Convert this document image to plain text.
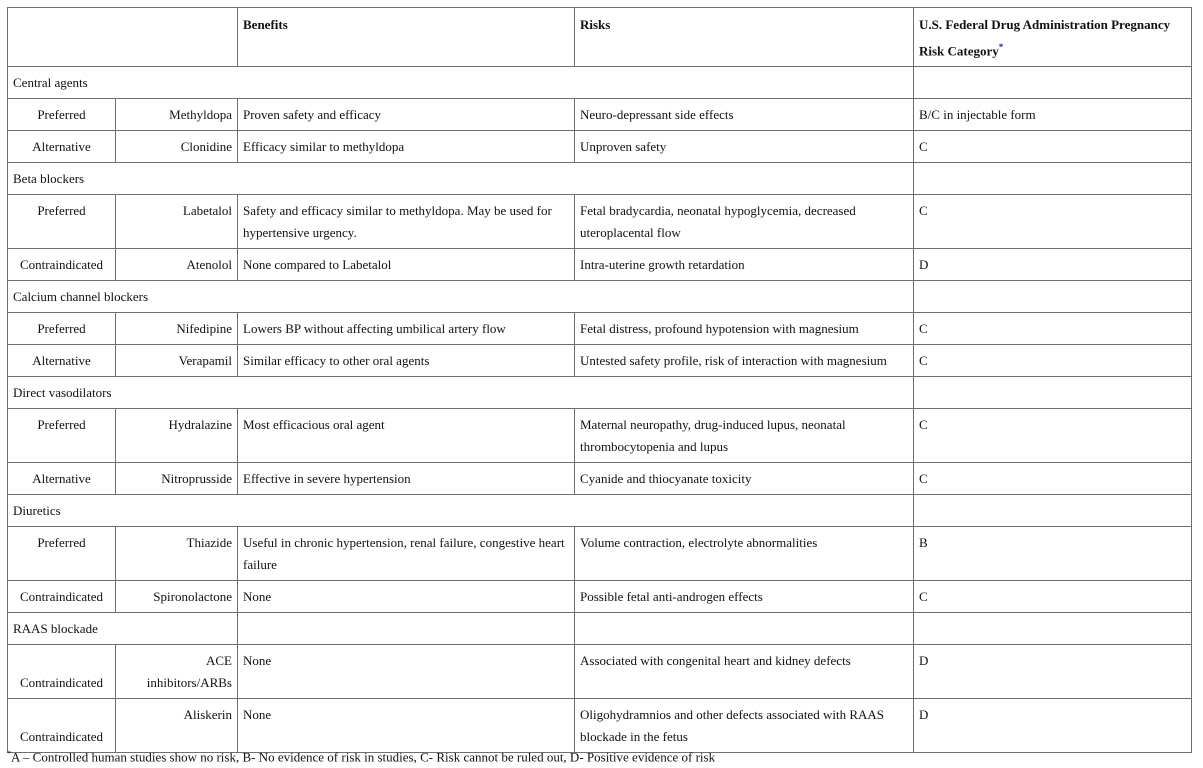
		Benefits	Risks	U.S. Federal Drug Administration Pregnancy Risk Category*
Central agents				
Preferred	Methyldopa	Proven safety and efficacy	Neuro-depressant side effects	B/C in injectable form
Alternative	Clonidine	Efficacy similar to methyldopa	Unproven safety	C
Beta blockers				
Preferred	Labetalol	Safety and efficacy similar to methyldopa. May be used for hypertensive urgency.	Fetal bradycardia, neonatal hypoglycemia, decreased uteroplacental flow	C
Contraindicated	Atenolol	None compared to Labetalol	Intra-uterine growth retardation	D
Calcium channel blockers				
Preferred	Nifedipine	Lowers BP without affecting umbilical artery flow	Fetal distress, profound hypotension with magnesium	C
Alternative	Verapamil	Similar efficacy to other oral agents	Untested safety profile, risk of interaction with magnesium	C
Direct vasodilators				
Preferred	Hydralazine	Most efficacious oral agent	Maternal neuropathy, drug-induced lupus, neonatal thrombocytopenia and lupus	C
Alternative	Nitroprusside	Effective in severe hypertension	Cyanide and thiocyanate toxicity	C
Diuretics				
Preferred	Thiazide	Useful in chronic hypertension, renal failure, congestive heart failure	Volume contraction, electrolyte abnormalities	B
Contraindicated	Spironolactone	None	Possible fetal anti-androgen effects	C
RAAS blockade				
Contraindicated	ACE inhibitors/ARBs	None	Associated with congenital heart and kidney defects	D
Contraindicated	Aliskerin	None	Oligohydramnios and other defects associated with RAAS blockade in the fetus	D
*A – Controlled human studies show no risk, B- No evidence of risk in studies, C- Risk cannot be ruled out, D- Positive evidence of risk
